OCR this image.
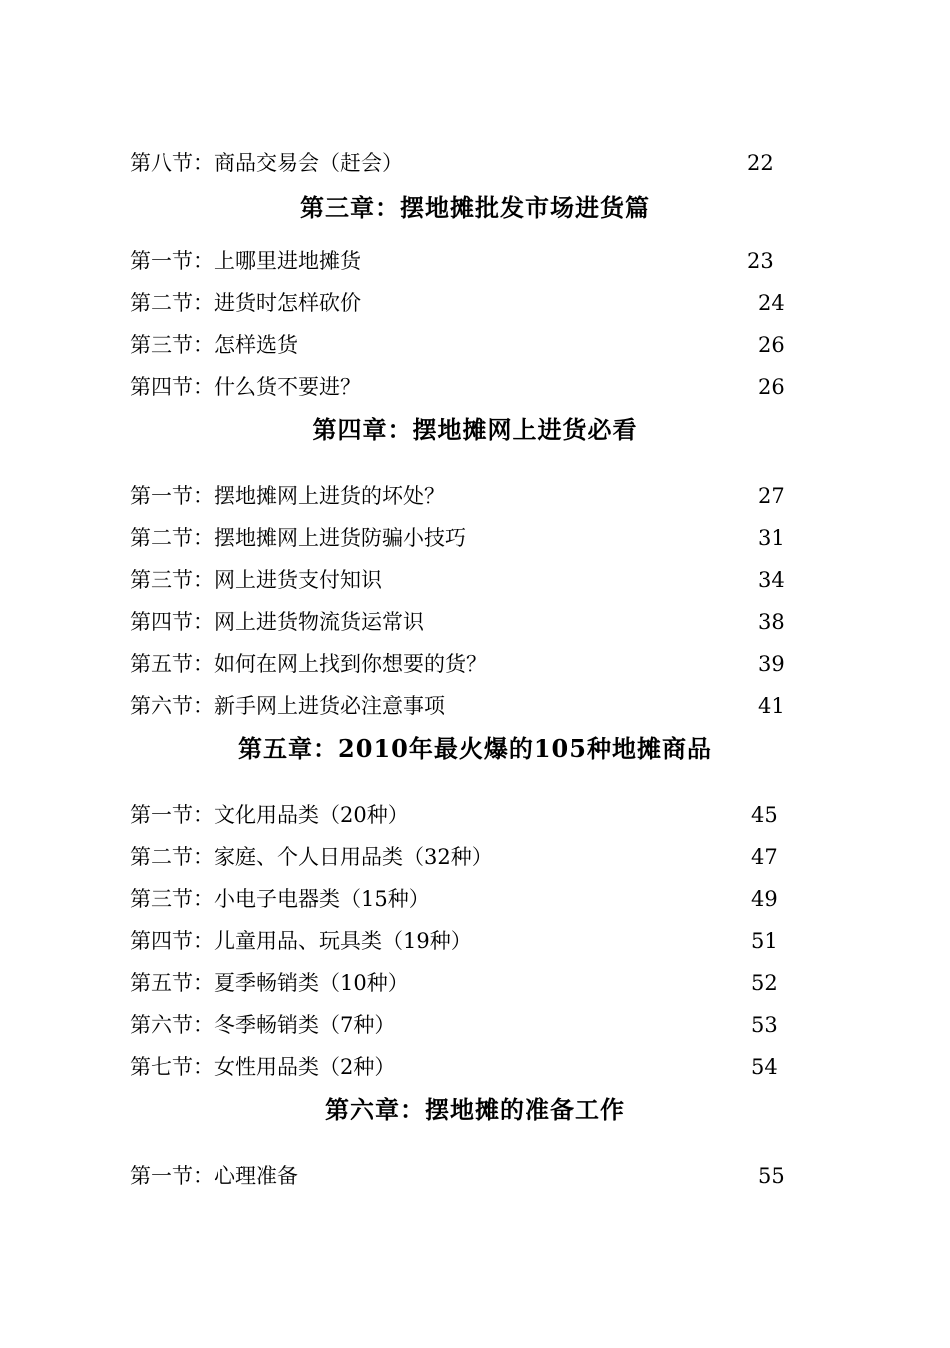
第八节：商品交易会（赶会）	22
第三章：摆地摊批发市场进货篇
第一节：上哪里进地摊货	23
第二节：进货时怎样砍价	24
第三节：怎样选货	26
第四节：什么货不要进？	26
第四章：摆地摊网上进货必看
第一节：摆地摊网上进货的坏处？	27
第二节：摆地摊网上进货防骗小技巧	31
第三节：网上进货支付知识	34
第四节：网上进货物流货运常识	38
第五节：如何在网上找到你想要的货？	39
第六节：新手网上进货必注意事项	41
第五章：2010年最火爆的105种地摊商品
第一节：文化用品类（20种）	45
第二节：家庭、个人日用品类（32种）	47
第三节：小电子电器类（15种）	49
第四节：儿童用品、玩具类（19种）	51
第五节：夏季畅销类（10种）	52
第六节：冬季畅销类（7种）	53
第七节：女性用品类（2种）	54
第六章：摆地摊的准备工作
第一节：心理准备	55
